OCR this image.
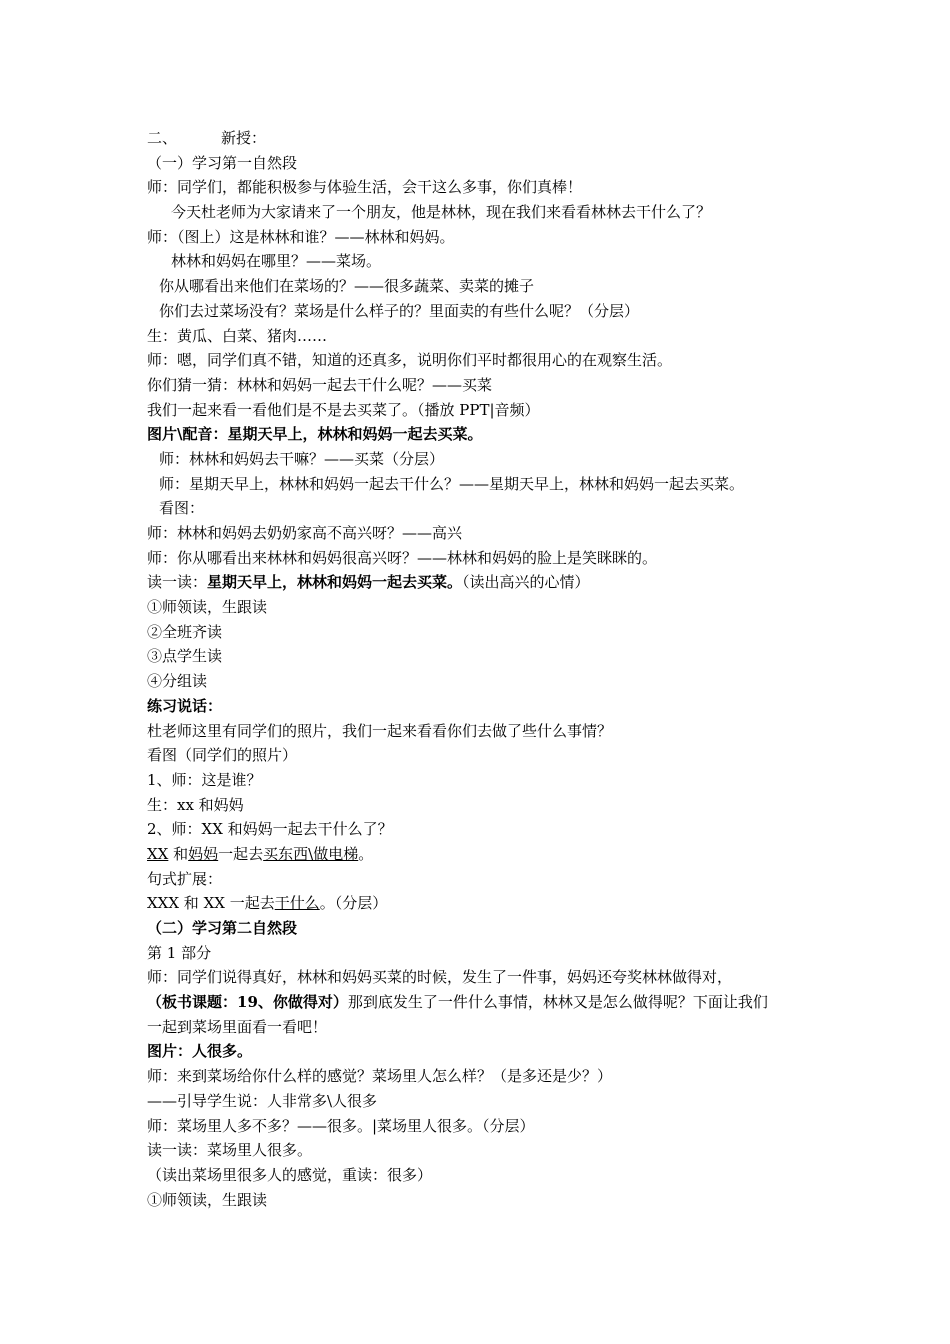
二、	新授：
（一）学习第一自然段
师：同学们，都能积极参与体验生活，会干这么多事，你们真棒！
今天杜老师为大家请来了一个朋友，他是林林，现在我们来看看林林去干什么了？
师：（图上）这是林林和谁？——林林和妈妈。
林林和妈妈在哪里？——菜场。
你从哪看出来他们在菜场的？——很多蔬菜、卖菜的摊子
你们去过菜场没有？菜场是什么样子的？里面卖的有些什么呢？（分层）
生：黄瓜、白菜、猪肉……
师：嗯，同学们真不错，知道的还真多，说明你们平时都很用心的在观察生活。
你们猜一猜：林林和妈妈一起去干什么呢？——买菜
我们一起来看一看他们是不是去买菜了。（播放 PPT|音频）
图片\配音：星期天早上，林林和妈妈一起去买菜。
师：林林和妈妈去干嘛？——买菜（分层）
师：星期天早上，林林和妈妈一起去干什么？——星期天早上，林林和妈妈一起去买菜。
看图：
师：林林和妈妈去奶奶家高不高兴呀？——高兴
师：你从哪看出来林林和妈妈很高兴呀？——林林和妈妈的脸上是笑眯眯的。
读一读：星期天早上，林林和妈妈一起去买菜。（读出高兴的心情）
①师领读，生跟读
②全班齐读
③点学生读
④分组读
练习说话：
杜老师这里有同学们的照片，我们一起来看看你们去做了些什么事情？
看图（同学们的照片）
1、师：这是谁？
生：xx 和妈妈
2、师：XX 和妈妈一起去干什么了？
XX 和妈妈一起去买东西\做电梯。
句式扩展：
XXX 和 XX 一起去干什么。（分层）
（二）学习第二自然段
第 1 部分
师：同学们说得真好，林林和妈妈买菜的时候，发生了一件事，妈妈还夸奖林林做得对，
（板书课题：19、你做得对）那到底发生了一件什么事情，林林又是怎么做得呢？下面让我们
一起到菜场里面看一看吧！
图片：人很多。
师：来到菜场给你什么样的感觉？菜场里人怎么样？（是多还是少？）
——引导学生说：人非常多\人很多
师：菜场里人多不多？——很多。|菜场里人很多。（分层）
读一读：菜场里人很多。
（读出菜场里很多人的感觉，重读：很多）
①师领读，生跟读
